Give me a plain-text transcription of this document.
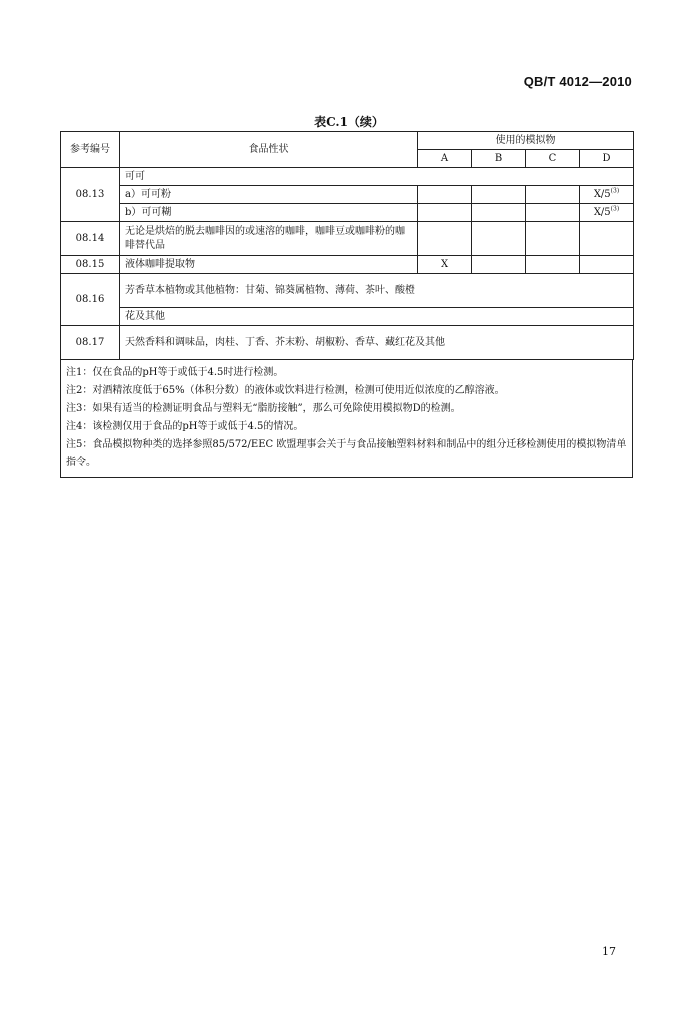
QB/T 4012—2010
表C.1（续）
参考编号	食品性状	使用的模拟物			
		A	B	C	D
08.13	可可				
	a）可可粉				X/5$^{(3)}$
	b）可可糊				X/5$^{(3)}$
08.14	无论是烘焙的脱去咖啡因的或速溶的咖啡，咖啡豆或咖啡粉的咖啡替代品				
08.15	液体咖啡提取物	X			
08.16	芳香草本植物或其他植物：甘菊、锦葵属植物、薄荷、茶叶、酸橙				
	花及其他				
08.17	天然香料和调味品，肉桂、丁香、芥末粉、胡椒粉、香草、藏红花及其他				
注1：仅在食品的pH等于或低于4.5时进行检测。
注2：对酒精浓度低于65%（体积分数）的液体或饮料进行检测，检测可使用近似浓度的乙醇溶液。
注3：如果有适当的检测证明食品与塑料无“脂肪接触”，那么可免除使用模拟物D的检测。
注4：该检测仅用于食品的pH等于或低于4.5的情况。
注5：食品模拟物种类的选择参照85/572/EEC 欧盟理事会关于与食品接触塑料材料和制品中的组分迁移检测使用的模拟物清单指令。
17
